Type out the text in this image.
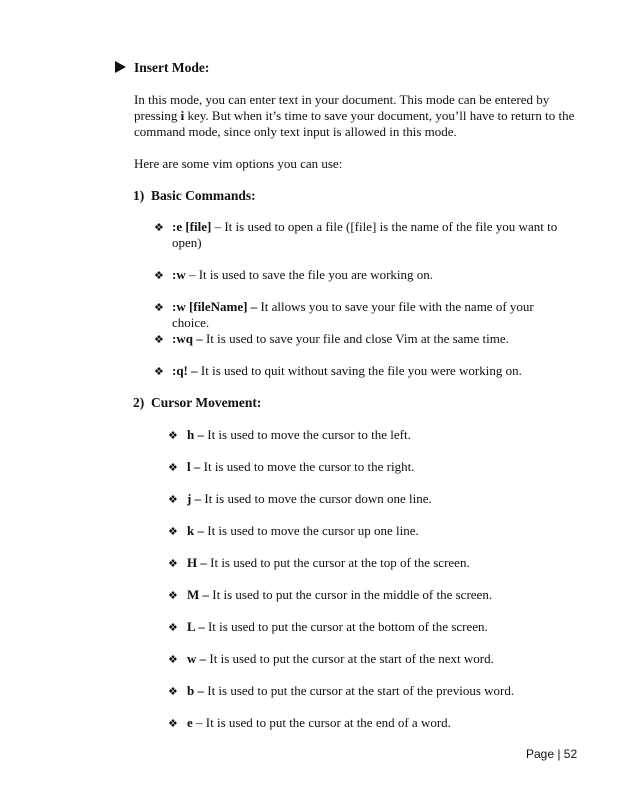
Insert Mode:
In this mode, you can enter text in your document. This mode can be entered by pressing i key. But when it’s time to save your document, you’ll have to return to the command mode, since only text input is allowed in this mode.
Here are some vim options you can use:
1)  Basic Commands:
❖ :e [file] – It is used to open a file ([file] is the name of the file you want to open)
❖ :w – It is used to save the file you are working on.
❖ :w [fileName] – It allows you to save your file with the name of your choice.
❖ :wq – It is used to save your file and close Vim at the same time.
❖ :q! – It is used to quit without saving the file you were working on.
2)  Cursor Movement:
❖ h – It is used to move the cursor to the left.
❖ l – It is used to move the cursor to the right.
❖ j – It is used to move the cursor down one line.
❖ k – It is used to move the cursor up one line.
❖ H – It is used to put the cursor at the top of the screen.
❖ M – It is used to put the cursor in the middle of the screen.
❖ L – It is used to put the cursor at the bottom of the screen.
❖ w – It is used to put the cursor at the start of the next word.
❖ b – It is used to put the cursor at the start of the previous word.
❖ e – It is used to put the cursor at the end of a word.
Page | 52
